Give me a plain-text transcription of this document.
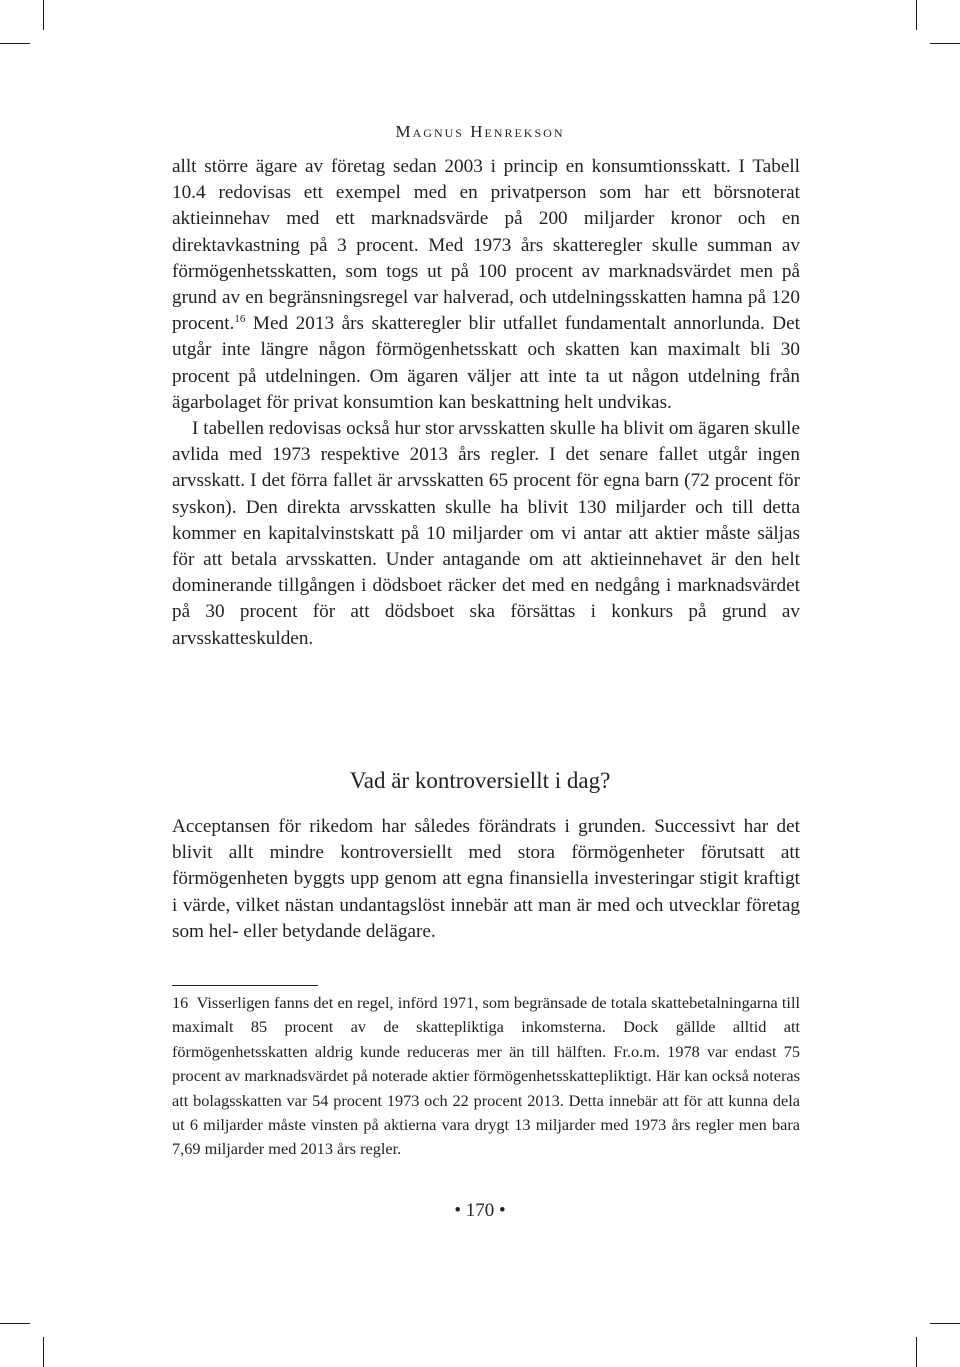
Magnus Henrekson

allt större ägare av företag sedan 2003 i princip en konsumtionsskatt. I Tabell 10.4 redovisas ett exempel med en privatperson som har ett börsnoterat aktieinnehav med ett marknadsvärde på 200 miljarder kronor och en direktavkastning på 3 procent. Med 1973 års skatteregler skulle summan av förmögenhetsskatten, som togs ut på 100 procent av marknadsvärdet men på grund av en begränsningsregel var halverad, och utdelningsskatten hamna på 120 procent.$^{16}$ Med 2013 års skatteregler blir utfallet fundamentalt annorlunda. Det utgår inte längre någon förmögenhetsskatt och skatten kan maximalt bli 30 procent på utdelningen. Om ägaren väljer att inte ta ut någon utdelning från ägarbolaget för privat konsumtion kan beskattning helt undvikas.

I tabellen redovisas också hur stor arvsskatten skulle ha blivit om ägaren skulle avlida med 1973 respektive 2013 års regler. I det senare fallet utgår ingen arvsskatt. I det förra fallet är arvsskatten 65 procent för egna barn (72 procent för syskon). Den direkta arvsskatten skulle ha blivit 130 miljarder och till detta kommer en kapitalvinstskatt på 10 miljarder om vi antar att aktier måste säljas för att betala arvsskatten. Under antagande om att aktieinnehavet är den helt dominerande tillgången i dödsboet räcker det med en nedgång i marknadsvärdet på 30 procent för att dödsboet ska försättas i konkurs på grund av arvsskatteskulden.

Vad är kontroversiellt i dag?

Acceptansen för rikedom har således förändrats i grunden. Successivt har det blivit allt mindre kontroversiellt med stora förmögenheter förutsatt att förmögenheten byggts upp genom att egna finansiella investeringar stigit kraftigt i värde, vilket nästan undantagslöst innebär att man är med och utvecklar företag som hel- eller betydande delägare.

16 Visserligen fanns det en regel, införd 1971, som begränsade de totala skattebetalningarna till maximalt 85 procent av de skattepliktiga inkomsterna. Dock gällde alltid att förmögenhetsskatten aldrig kunde reduceras mer än till hälften. Fr.o.m. 1978 var endast 75 procent av marknadsvärdet på noterade aktier förmögenhetsskattepliktigt. Här kan också noteras att bolagsskatten var 54 procent 1973 och 22 procent 2013. Detta innebär att för att kunna dela ut 6 miljarder måste vinsten på aktierna vara drygt 13 miljarder med 1973 års regler men bara 7,69 miljarder med 2013 års regler.

• 170 •
